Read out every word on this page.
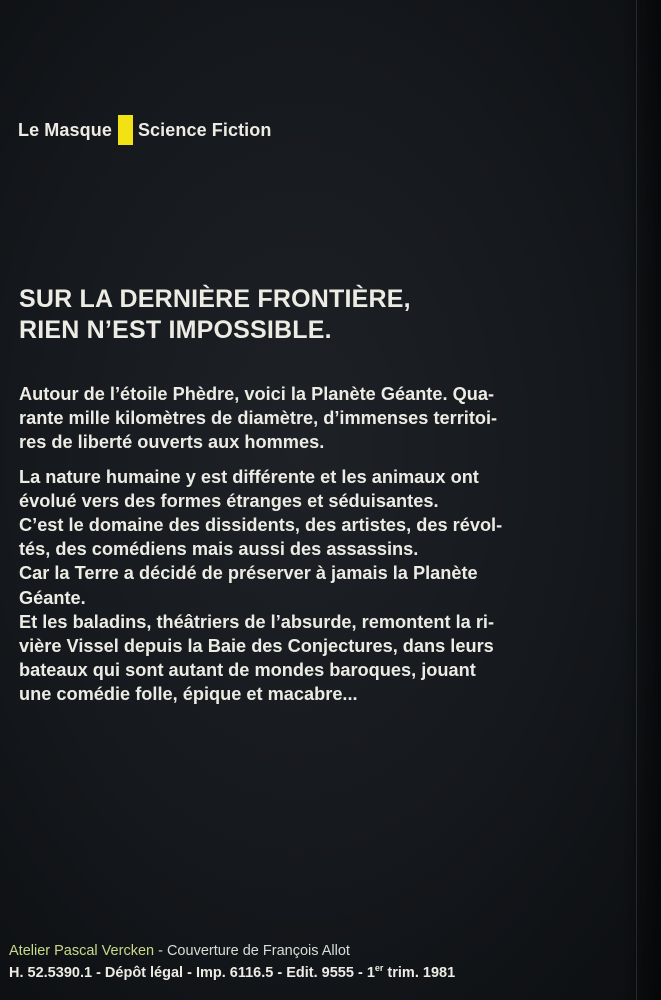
Le Masque Science Fiction
SUR LA DERNIÈRE FRONTIÈRE,
RIEN N’EST IMPOSSIBLE.
Autour de l’étoile Phèdre, voici la Planète Géante. Qua-
rante mille kilomètres de diamètre, d’immenses territoi-
res de liberté ouverts aux hommes.
La nature humaine y est différente et les animaux ont
évolué vers des formes étranges et séduisantes.
C’est le domaine des dissidents, des artistes, des révol-
tés, des comédiens mais aussi des assassins.
Car la Terre a décidé de préserver à jamais la Planète
Géante.
Et les baladins, théâtriers de l’absurde, remontent la ri-
vière Vissel depuis la Baie des Conjectures, dans leurs
bateaux qui sont autant de mondes baroques, jouant
une comédie folle, épique et macabre...
Atelier Pascal Vercken - Couverture de François Allot
H. 52.5390.1 - Dépôt légal - Imp. 6116.5 - Edit. 9555 - 1er trim. 1981
